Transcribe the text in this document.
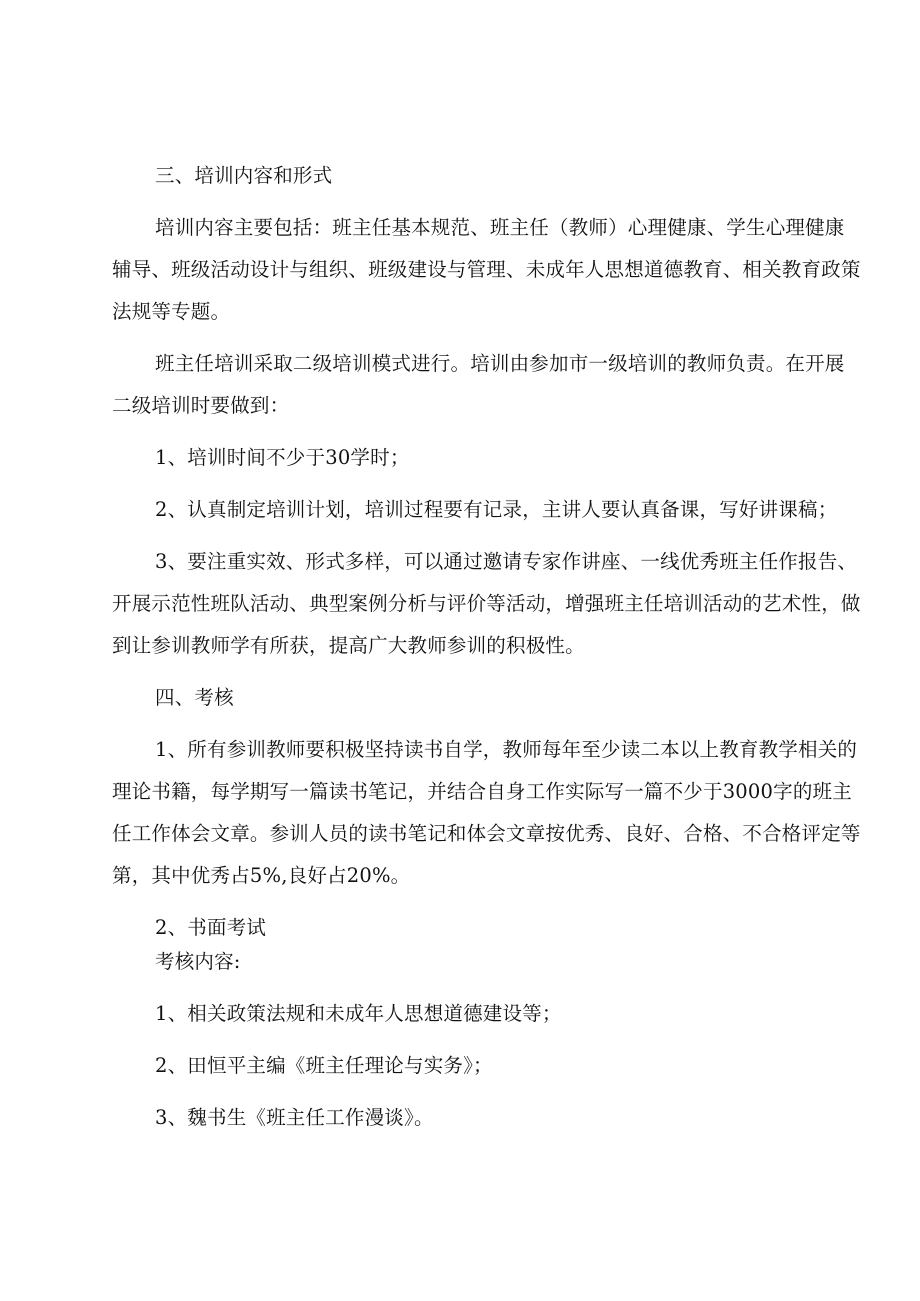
三、培训内容和形式
培训内容主要包括：班主任基本规范、班主任（教师）心理健康、学生心理健康
辅导、班级活动设计与组织、班级建设与管理、未成年人思想道德教育、相关教育政策
法规等专题。
班主任培训采取二级培训模式进行。培训由参加市一级培训的教师负责。在开展
二级培训时要做到：
1、培训时间不少于30学时；
2、认真制定培训计划，培训过程要有记录，主讲人要认真备课，写好讲课稿；
3、要注重实效、形式多样，可以通过邀请专家作讲座、一线优秀班主任作报告、
开展示范性班队活动、典型案例分析与评价等活动，增强班主任培训活动的艺术性，做
到让参训教师学有所获，提高广大教师参训的积极性。
四、考核
1、所有参训教师要积极坚持读书自学，教师每年至少读二本以上教育教学相关的
理论书籍，每学期写一篇读书笔记，并结合自身工作实际写一篇不少于3000字的班主
任工作体会文章。参训人员的读书笔记和体会文章按优秀、良好、合格、不合格评定等
第，其中优秀占5%,良好占20%。
2、书面考试
考核内容:
1、相关政策法规和未成年人思想道德建设等；
2、田恒平主编《班主任理论与实务》；
3、魏书生《班主任工作漫谈》。
